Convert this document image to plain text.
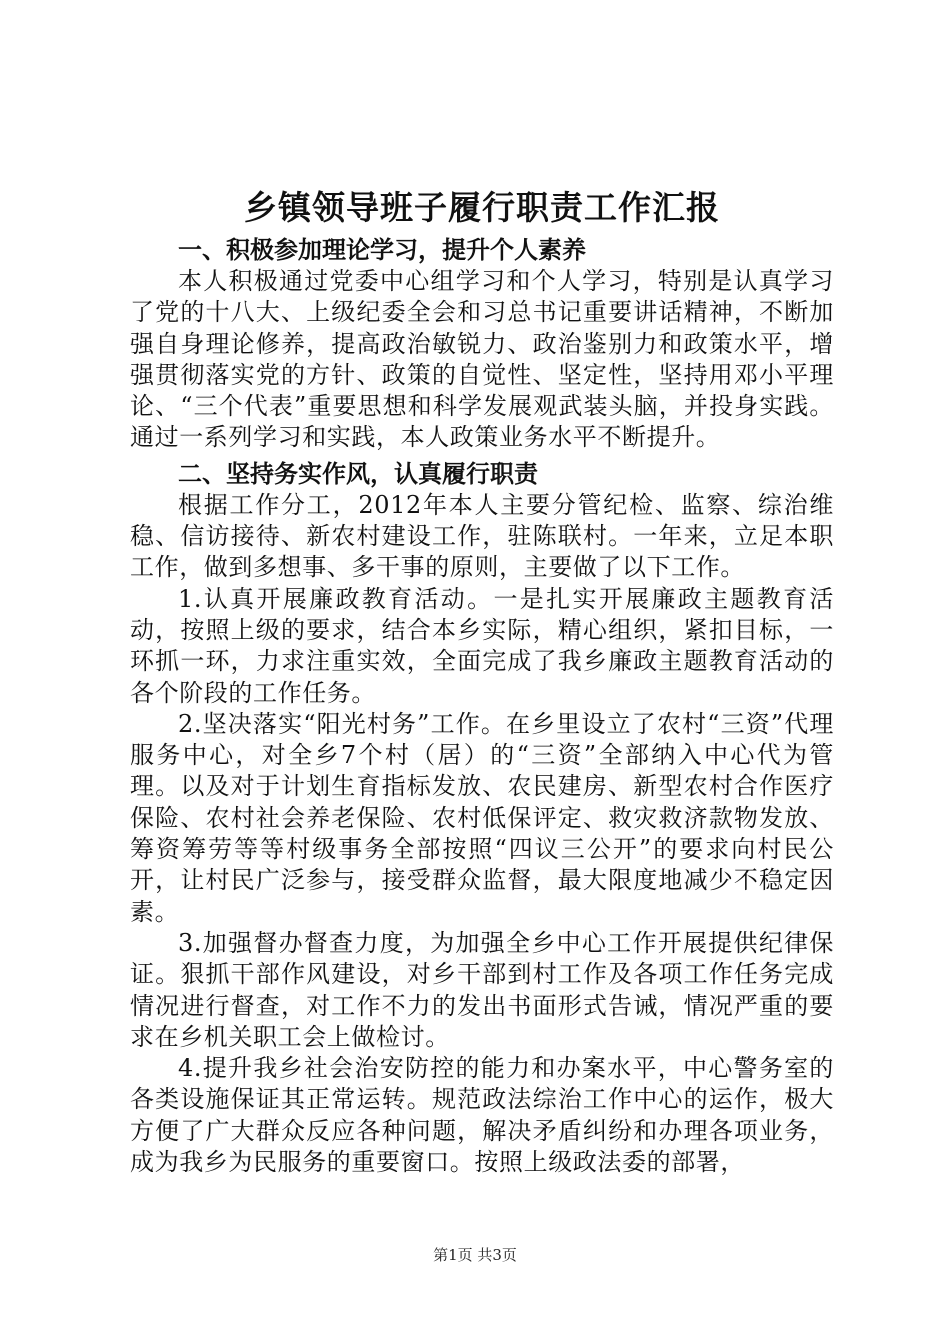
乡镇领导班子履行职责工作汇报

一、积极参加理论学习，提升个人素养

本人积极通过党委中心组学习和个人学习，特别是认真学习了党的十八大、上级纪委全会和习总书记重要讲话精神，不断加强自身理论修养，提高政治敏锐力、政治鉴别力和政策水平，增强贯彻落实党的方针、政策的自觉性、坚定性，坚持用邓小平理论、“三个代表”重要思想和科学发展观武装头脑，并投身实践。通过一系列学习和实践，本人政策业务水平不断提升。

二、坚持务实作风，认真履行职责

根据工作分工，2012年本人主要分管纪检、监察、综治维稳、信访接待、新农村建设工作，驻陈联村。一年来，立足本职工作，做到多想事、多干事的原则，主要做了以下工作。

1.认真开展廉政教育活动。一是扎实开展廉政主题教育活动，按照上级的要求，结合本乡实际，精心组织，紧扣目标，一环抓一环，力求注重实效，全面完成了我乡廉政主题教育活动的各个阶段的工作任务。

2.坚决落实“阳光村务”工作。在乡里设立了农村“三资”代理服务中心，对全乡7个村（居）的“三资”全部纳入中心代为管理。以及对于计划生育指标发放、农民建房、新型农村合作医疗保险、农村社会养老保险、农村低保评定、救灾救济款物发放、筹资筹劳等等村级事务全部按照“四议三公开”的要求向村民公开，让村民广泛参与，接受群众监督，最大限度地减少不稳定因素。

3.加强督办督查力度，为加强全乡中心工作开展提供纪律保证。狠抓干部作风建设，对乡干部到村工作及各项工作任务完成情况进行督查，对工作不力的发出书面形式告诫，情况严重的要求在乡机关职工会上做检讨。

4.提升我乡社会治安防控的能力和办案水平，中心警务室的各类设施保证其正常运转。规范政法综治工作中心的运作，极大方便了广大群众反应各种问题，解决矛盾纠纷和办理各项业务，成为我乡为民服务的重要窗口。按照上级政法委的部署，

第1页 共3页
